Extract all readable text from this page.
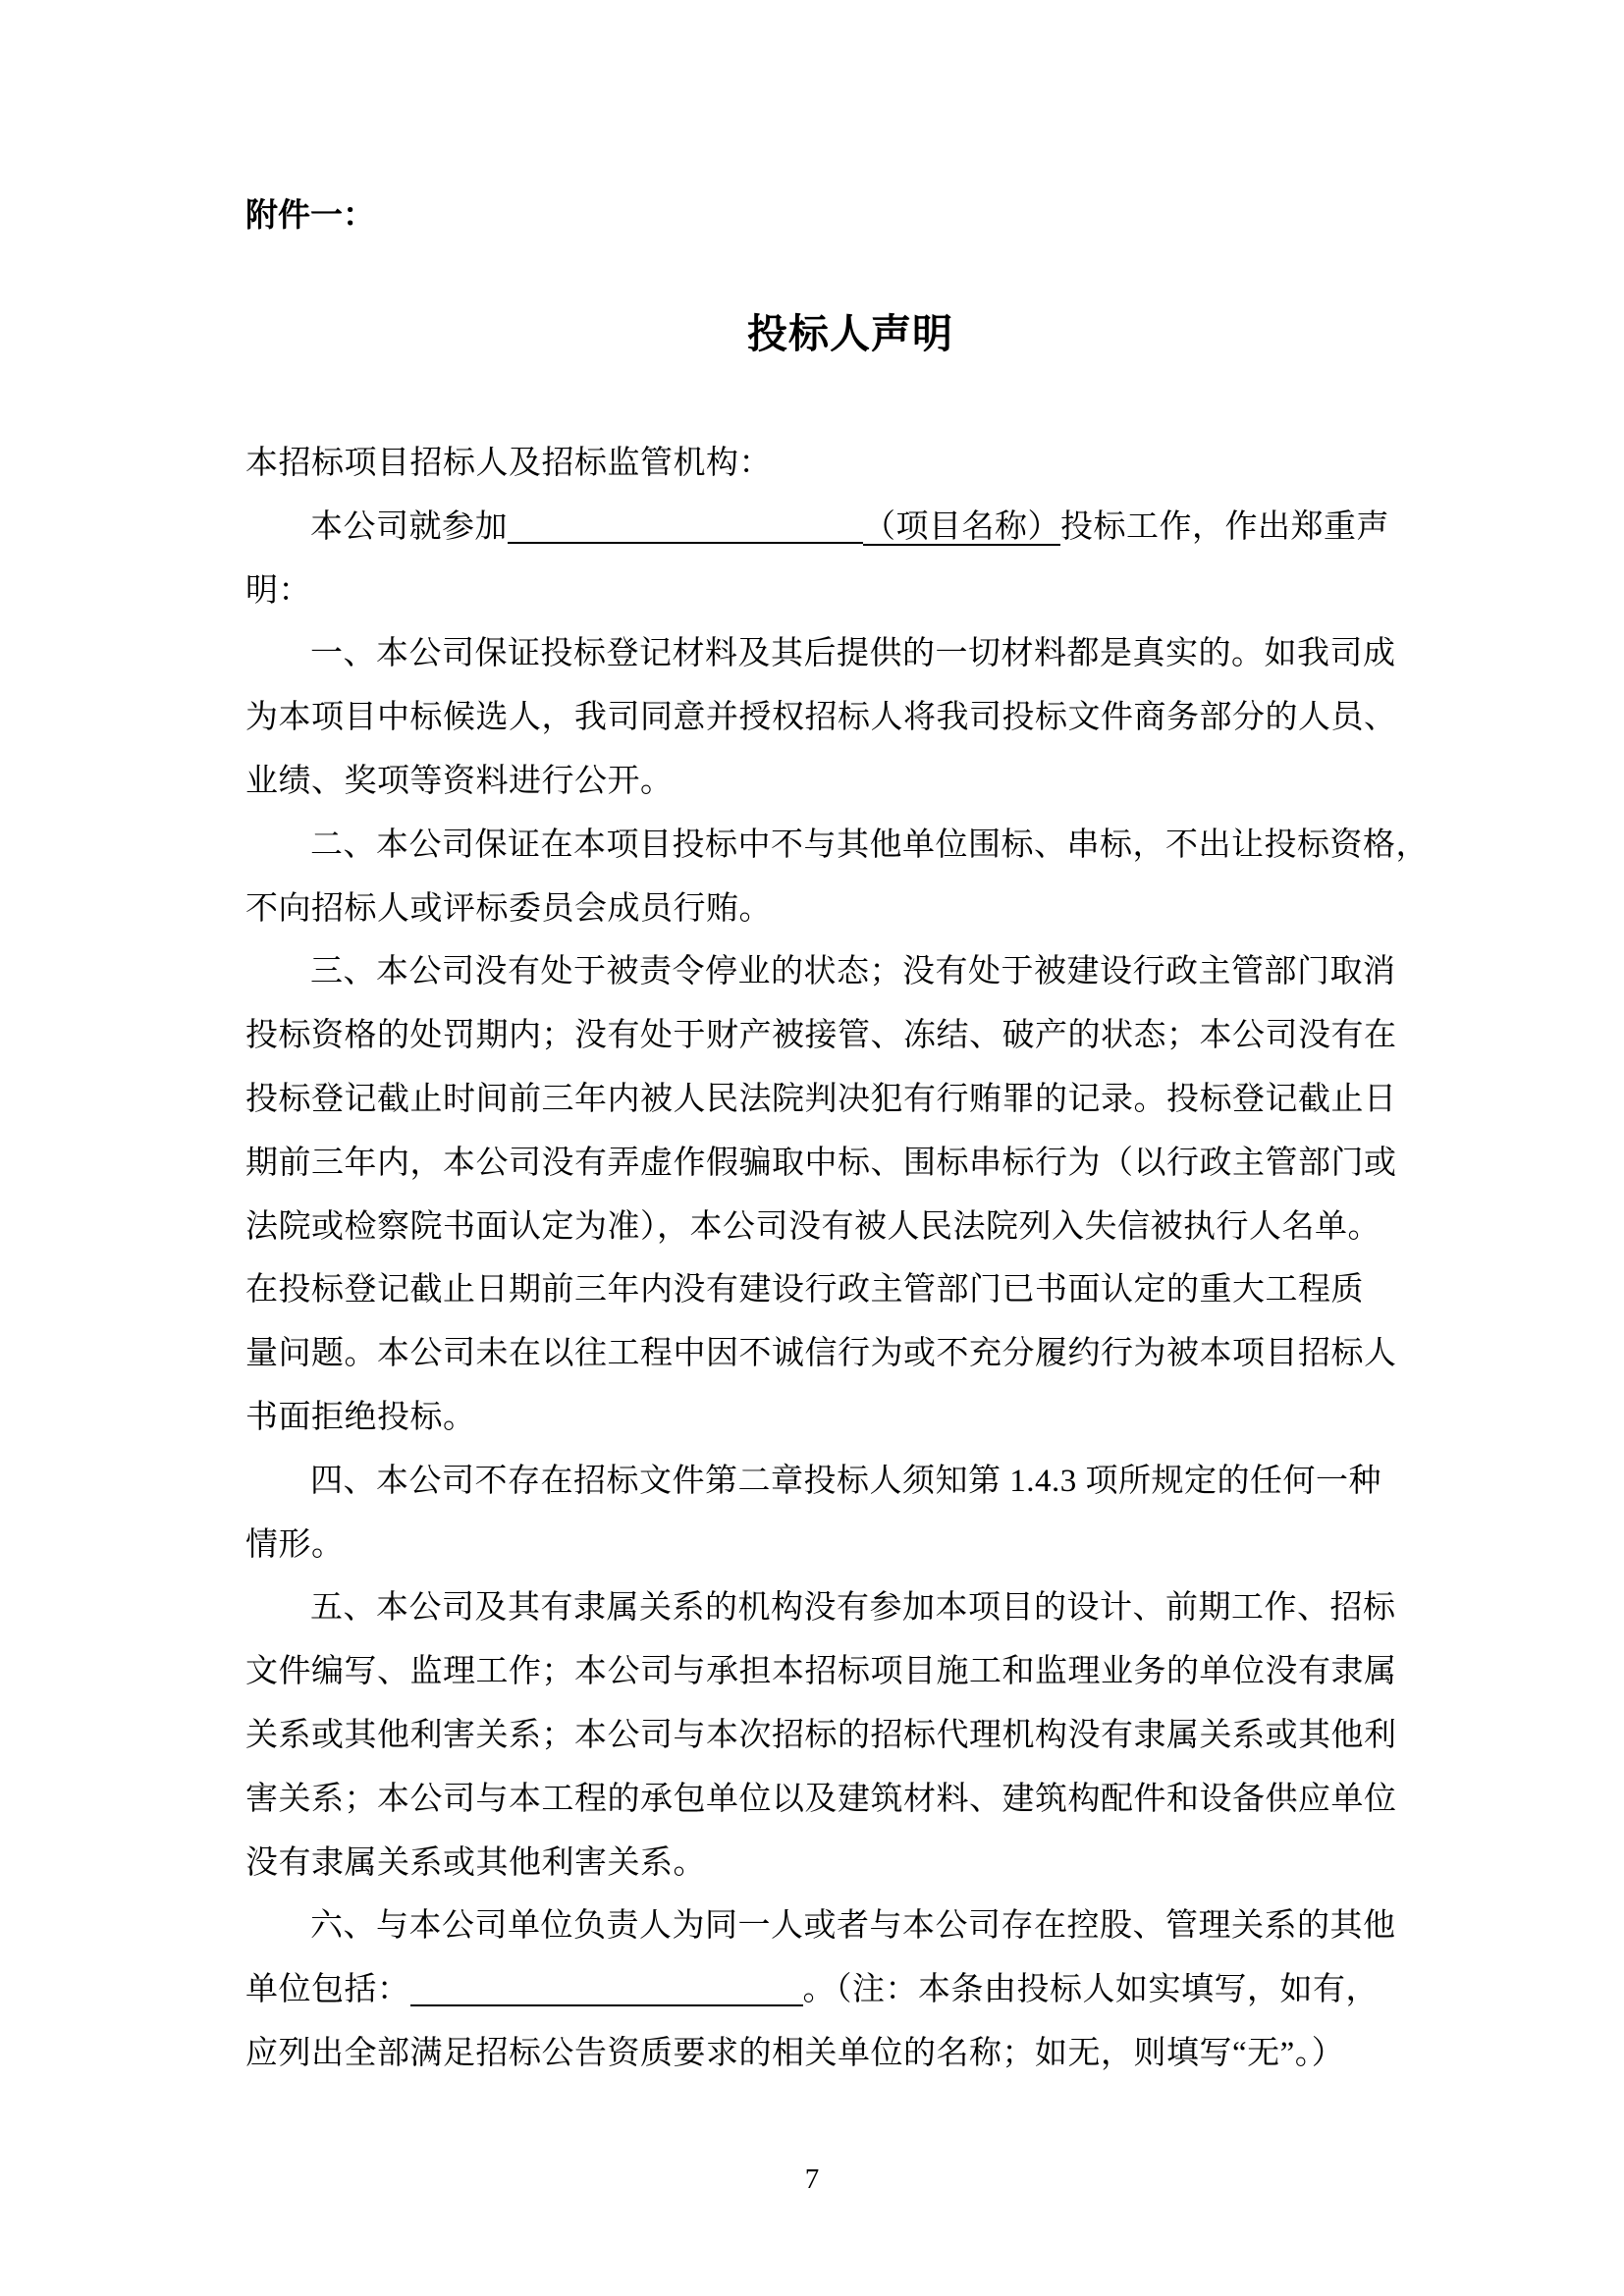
附件一：
投标人声明
本招标项目招标人及招标监管机构：
本公司就参加	（项目名称）投标工作，作出郑重声
明：
一、本公司保证投标登记材料及其后提供的一切材料都是真实的。如我司成
为本项目中标候选人，我司同意并授权招标人将我司投标文件商务部分的人员、
业绩、奖项等资料进行公开。
二、本公司保证在本项目投标中不与其他单位围标、串标，不出让投标资格，
不向招标人或评标委员会成员行贿。
三、本公司没有处于被责令停业的状态；没有处于被建设行政主管部门取消
投标资格的处罚期内；没有处于财产被接管、冻结、破产的状态；本公司没有在
投标登记截止时间前三年内被人民法院判决犯有行贿罪的记录。投标登记截止日
期前三年内，本公司没有弄虚作假骗取中标、围标串标行为（以行政主管部门或
法院或检察院书面认定为准），本公司没有被人民法院列入失信被执行人名单。
在投标登记截止日期前三年内没有建设行政主管部门已书面认定的重大工程质
量问题。本公司未在以往工程中因不诚信行为或不充分履约行为被本项目招标人
书面拒绝投标。
四、本公司不存在招标文件第二章投标人须知第 1.4.3 项所规定的任何一种
情形。
五、本公司及其有隶属关系的机构没有参加本项目的设计、前期工作、招标
文件编写、监理工作；本公司与承担本招标项目施工和监理业务的单位没有隶属
关系或其他利害关系；本公司与本次招标的招标代理机构没有隶属关系或其他利
害关系；本公司与本工程的承包单位以及建筑材料、建筑构配件和设备供应单位
没有隶属关系或其他利害关系。
六、与本公司单位负责人为同一人或者与本公司存在控股、管理关系的其他
单位包括：	。（注：本条由投标人如实填写，如有，
应列出全部满足招标公告资质要求的相关单位的名称；如无，则填写“无”。）
7
